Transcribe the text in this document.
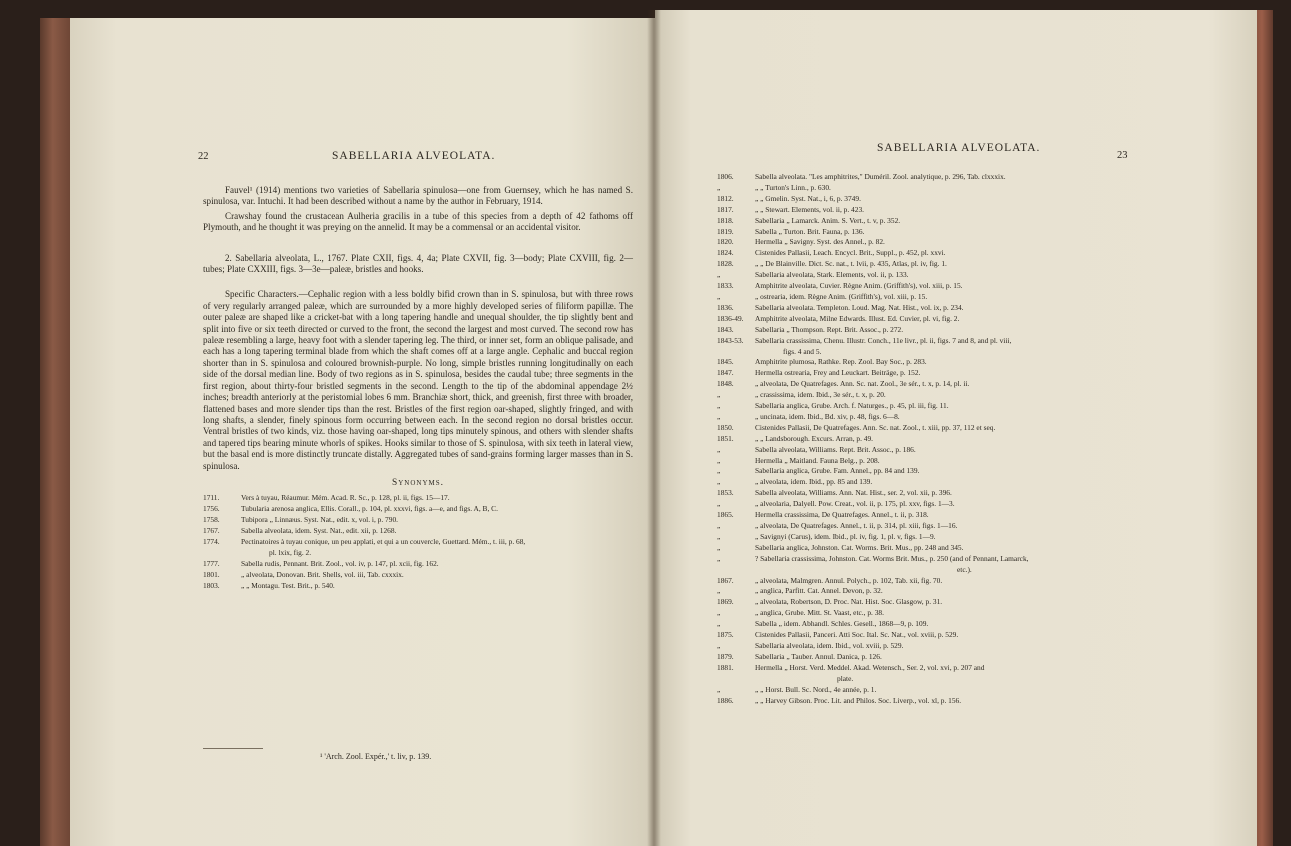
22	SABELLARIA ALVEOLATA.

Fauvel¹ (1914) mentions two varieties of Sabellaria spinulosa—one from Guernsey, which he has named S. spinulosa, var. Intuchi. It had been described without a name by the author in February, 1914.

Crawshay found the crustacean Aulheria gracilis in a tube of this species from a depth of 42 fathoms off Plymouth, and he thought it was preying on the annelid. It may be a commensal or an accidental visitor.

2. Sabellaria alveolata, L., 1767. Plate CXII, figs. 4, 4a; Plate CXVII, fig. 3—body; Plate CXVIII, fig. 2—tubes; Plate CXXIII, figs. 3—3e—paleæ, bristles and hooks.

Specific Characters.—Cephalic region with a less boldly bifid crown than in S. spinulosa, but with three rows of very regularly arranged paleæ, which are surrounded by a more highly developed series of filiform papillæ. The outer paleæ are shaped like a cricket-bat with a long tapering handle and unequal shoulder, the tip slightly bent and split into five or six teeth directed or curved to the front, the second the largest and most curved. The second row has paleæ resembling a large, heavy foot with a slender tapering leg. The third, or inner set, form an oblique palisade, and each has a long tapering terminal blade from which the shaft comes off at a large angle. Cephalic and buccal region shorter than in S. spinulosa and coloured brownish-purple. No long, simple bristles running longitudinally on each side of the dorsal median line. Body of two regions as in S. spinulosa, besides the caudal tube; three segments in the first region, about thirty-four bristled segments in the second. Length to the tip of the abdominal appendage 2½ inches; breadth anteriorly at the peristomial lobes 6 mm. Branchiæ short, thick, and greenish, first three with broader, flattened bases and more slender tips than the rest. Bristles of the first region oar-shaped, slightly fringed, and with long shafts, a slender, finely spinous form occurring between each. In the second region no dorsal bristles occur. Ventral bristles of two kinds, viz. those having oar-shaped, long tips minutely spinous, and others with slender shafts and tapered tips bearing minute whorls of spikes. Hooks similar to those of S. spinulosa, with six teeth in lateral view, but the basal end is more distinctly truncate distally. Aggregated tubes of sand-grains forming larger masses than in S. spinulosa.

Synonyms.
1711.	Vers à tuyau, Réaumur. Mém. Acad. R. Sc., p. 128, pl. ii, figs. 15—17.
1756.	Tubularia arenosa anglica, Ellis. Corall., p. 104, pl. xxxvi, figs. a—e, and figs. A, B, C.
1758.	Tubipora „ Linnæus. Syst. Nat., edit. x, vol. i, p. 790.
1767.	Sabella alveolata, idem. Syst. Nat., edit. xii, p. 1268.
1774.	Pectinatoires à tuyau conique, un peu applati, et qui a un couvercle, Guettard. Mém., t. iii, p. 68,
pl. lxix, fig. 2.
1777.	Sabella rudis, Pennant. Brit. Zool., vol. iv, p. 147, pl. xcii, fig. 162.
1801.	„ alveolata, Donovan. Brit. Shells, vol. iii, Tab. cxxxix.
1803.	„ „ Montagu. Test. Brit., p. 540.
¹ 'Arch. Zool. Expér.,' t. liv, p. 139.
SABELLARIA ALVEOLATA.
23
1806.	Sabella alveolata. "Les amphitrites," Duméril. Zool. analytique, p. 296, Tab. clxxxix.
„	„ „ Turton's Linn., p. 630.
1812.	„ „ Gmelin. Syst. Nat., i, 6, p. 3749.
1817.	„ „ Stewart. Elements, vol. ii, p. 423.
1818.	Sabellaria „ Lamarck. Anim. S. Vert., t. v, p. 352.
1819.	Sabella „ Turton. Brit. Fauna, p. 136.
1820.	Hermella „ Savigny. Syst. des Annel., p. 82.
1824.	Cistenides Pallasii, Leach. Encycl. Brit., Suppl., p. 452, pl. xxvi.
1828.	„ „ De Blainville. Dict. Sc. nat., t. lvii, p. 435, Atlas, pl. iv, fig. 1.
„	Sabellaria alveolata, Stark. Elements, vol. ii, p. 133.
1833.	Amphitrite alveolata, Cuvier. Règne Anim. (Griffith's), vol. xiii, p. 15.
„	„ ostrearia, idem. Règne Anim. (Griffith's), vol. xiii, p. 15.
1836.	Sabellaria alveolata. Templeton. Loud. Mag. Nat. Hist., vol. ix, p. 234.
1836-49.	Amphitrite alveolata, Milne Edwards. Illust. Ed. Cuvier, pl. vi, fig. 2.
1843.	Sabellaria „ Thompson. Rept. Brit. Assoc., p. 272.
1843-53.	Sabellaria crassissima, Chenu. Illustr. Conch., 11e livr., pl. ii, figs. 7 and 8, and pl. viii,
figs. 4 and 5.
1845.	Amphitrite plumosa, Rathke. Rep. Zool. Bay Soc., p. 283.
1847.	Hermella ostrearia, Frey and Leuckart. Beiträge, p. 152.
1848.	„ alveolata, De Quatrefages. Ann. Sc. nat. Zool., 3e sér., t. x, p. 14, pl. ii.
„	„ crassissima, idem. Ibid., 3e sér., t. x, p. 20.
„	Sabellaria anglica, Grube. Arch. f. Naturges., p. 45, pl. iii, fig. 11.
„	„ uncinata, idem. Ibid., Bd. xiv, p. 48, figs. 6—8.
1850.	Cistenides Pallasii, De Quatrefages. Ann. Sc. nat. Zool., t. xiii, pp. 37, 112 et seq.
1851.	„ „ Landsborough. Excurs. Arran, p. 49.
„	Sabella alveolata, Williams. Rept. Brit. Assoc., p. 186.
„	Hermella „ Maitland. Fauna Belg., p. 208.
„	Sabellaria anglica, Grube. Fam. Annel., pp. 84 and 139.
„	„ alveolata, idem. Ibid., pp. 85 and 139.
1853.	Sabella alveolata, Williams. Ann. Nat. Hist., ser. 2, vol. xii, p. 396.
„	„ alveolaria, Dalyell. Pow. Creat., vol. ii, p. 175, pl. xxv, figs. 1—3.
1865.	Hermella crassissima, De Quatrefages. Annel., t. ii, p. 318.
„	„ alveolata, De Quatrefages. Annel., t. ii, p. 314, pl. xiii, figs. 1—16.
„	„ Savignyi (Carus), idem. Ibid., pl. iv, fig. 1, pl. v, figs. 1—9.
„	Sabellaria anglica, Johnston. Cat. Worms. Brit. Mus., pp. 248 and 345.
„	? Sabellaria crassissima, Johnston. Cat. Worms Brit. Mus., p. 250 (and of Pennant, Lamarck,
etc.).
1867.	„ alveolata, Malmgren. Annul. Polych., p. 102, Tab. xii, fig. 70.
„	„ anglica, Parfitt. Cat. Annel. Devon, p. 32.
1869.	„ alveolata, Robertson, D. Proc. Nat. Hist. Soc. Glasgow, p. 31.
„	„ anglica, Grube. Mitt. St. Vaast, etc., p. 38.
„	Sabella „ idem. Abhandl. Schles. Gesell., 1868—9, p. 109.
1875.	Cistenides Pallasii, Panceri. Atti Soc. Ital. Sc. Nat., vol. xviii, p. 529.
„	Sabellaria alveolata, idem. Ibid., vol. xviii, p. 529.
1879.	Sabellaria „ Tauber. Annul. Danica, p. 126.
1881.	Hermella „ Horst. Verd. Meddel. Akad. Wetensch., Ser. 2, vol. xvi, p. 207 and
plate.
„	„ „ Horst. Bull. Sc. Nord., 4e année, p. 1.
1886.	„ „ Harvey Gibson. Proc. Lit. and Philos. Soc. Liverp., vol. xl, p. 156.
